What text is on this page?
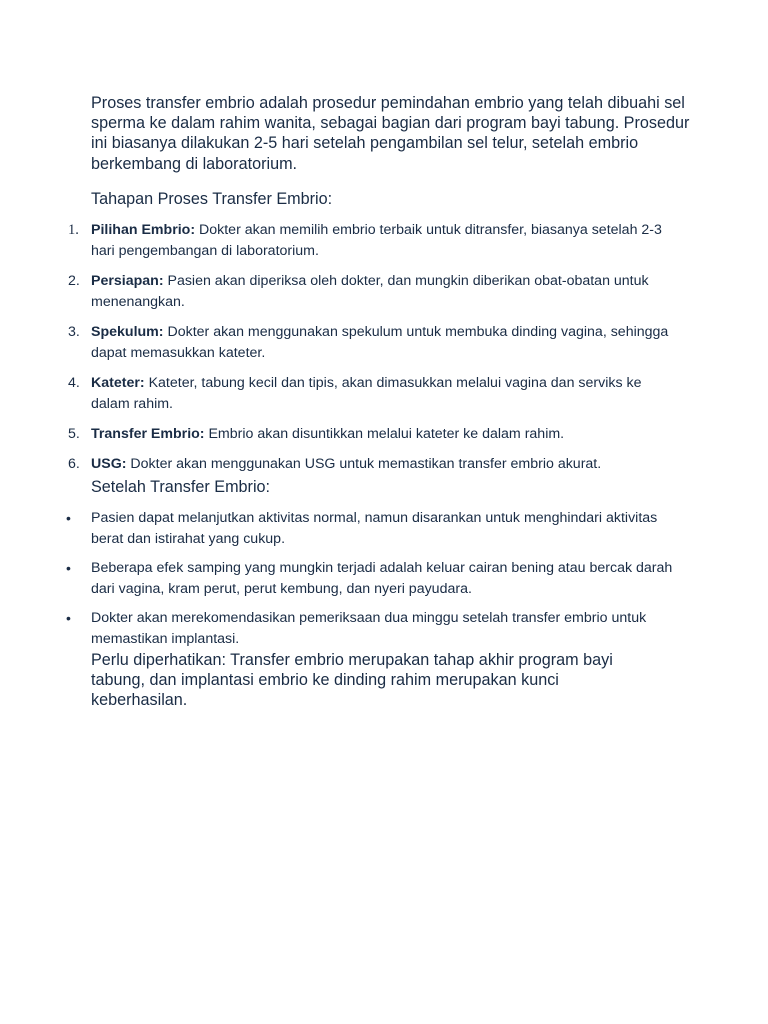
Proses transfer embrio adalah prosedur pemindahan embrio yang telah dibuahi sel sperma ke dalam rahim wanita, sebagai bagian dari program bayi tabung. Prosedur ini biasanya dilakukan 2-5 hari setelah pengambilan sel telur, setelah embrio berkembang di laboratorium.

Tahapan Proses Transfer Embrio:

1. Pilihan Embrio: Dokter akan memilih embrio terbaik untuk ditransfer, biasanya setelah 2-3 hari pengembangan di laboratorium.
2. Persiapan: Pasien akan diperiksa oleh dokter, dan mungkin diberikan obat-obatan untuk menenangkan.
3. Spekulum: Dokter akan menggunakan spekulum untuk membuka dinding vagina, sehingga dapat memasukkan kateter.
4. Kateter: Kateter, tabung kecil dan tipis, akan dimasukkan melalui vagina dan serviks ke dalam rahim.
5. Transfer Embrio: Embrio akan disuntikkan melalui kateter ke dalam rahim.
6. USG: Dokter akan menggunakan USG untuk memastikan transfer embrio akurat.

Setelah Transfer Embrio:

• Pasien dapat melanjutkan aktivitas normal, namun disarankan untuk menghindari aktivitas berat dan istirahat yang cukup.
• Beberapa efek samping yang mungkin terjadi adalah keluar cairan bening atau bercak darah dari vagina, kram perut, perut kembung, dan nyeri payudara.
• Dokter akan merekomendasikan pemeriksaan dua minggu setelah transfer embrio untuk memastikan implantasi.

Perlu diperhatikan: Transfer embrio merupakan tahap akhir program bayi tabung, dan implantasi embrio ke dinding rahim merupakan kunci keberhasilan.
